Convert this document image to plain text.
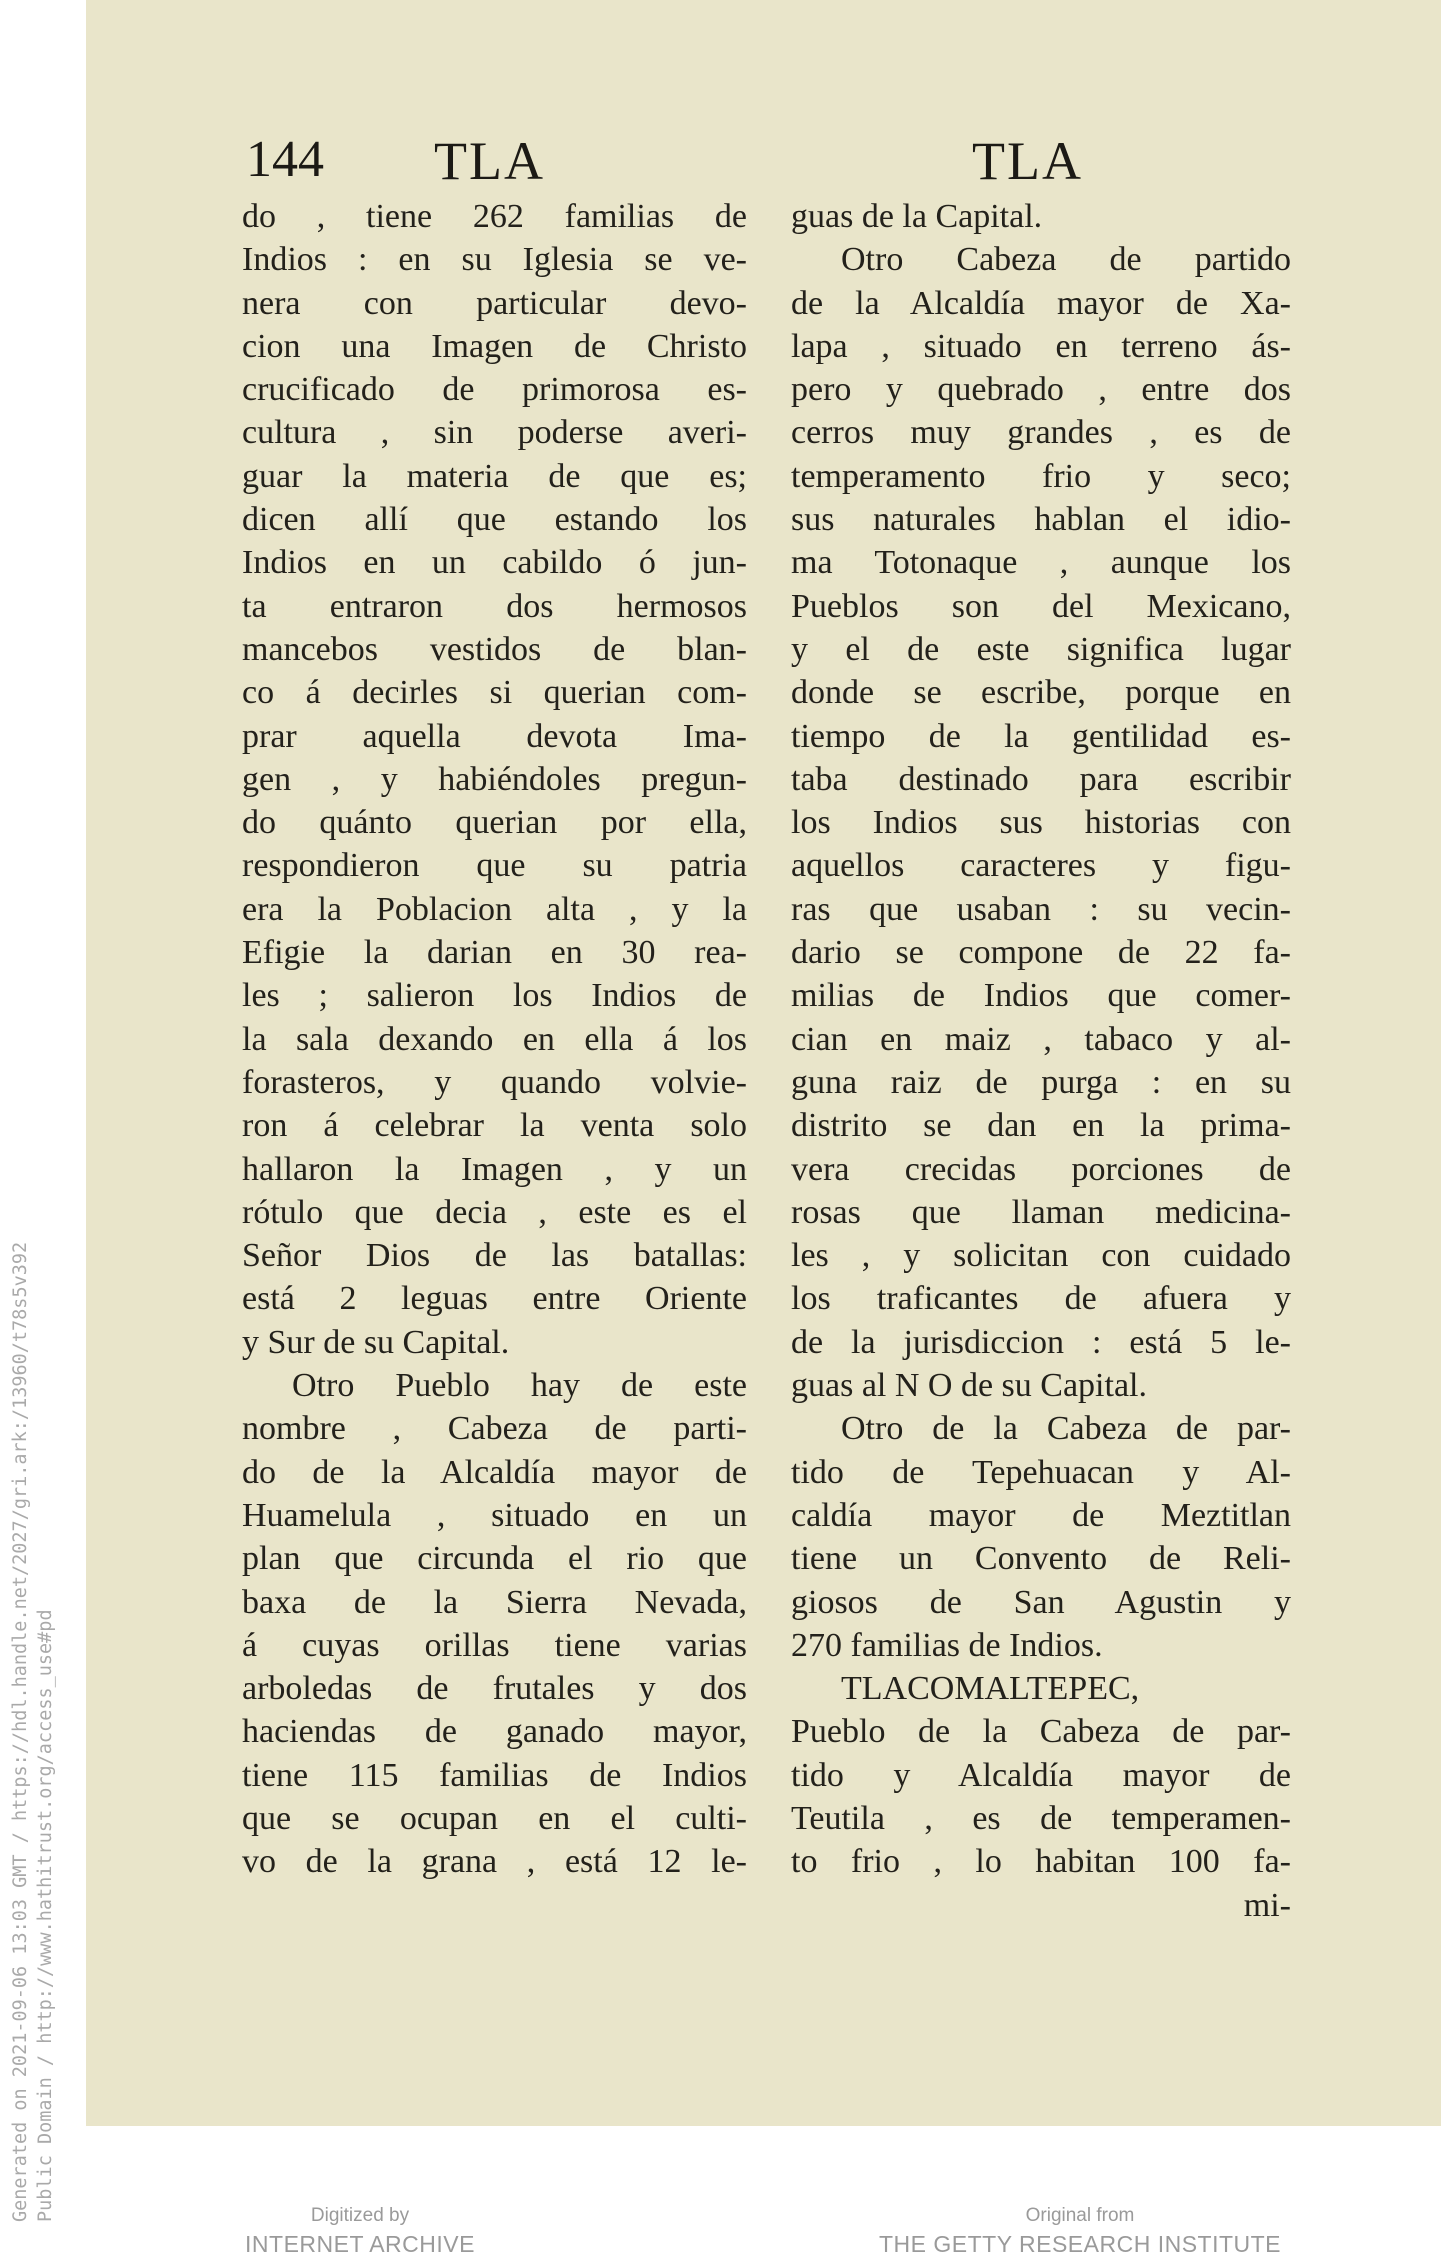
Generated on 2021-09-06 13:03 GMT / https://hdl.handle.net/2027/gri.ark:/13960/t78s5v392 Public Domain / http://www.hathitrust.org/access_use#pd
144 TLA	TLA
do , tiene 262 familias de
Indios : en su Iglesia se ve-
nera con particular devo-
cion una Imagen de Christo
crucificado de primorosa es-
cultura , sin poderse averi-
guar la materia de que es;
dicen allí que estando los
Indios en un cabildo ó jun-
ta entraron dos hermosos
mancebos vestidos de blan-
co á decirles si querian com-
prar aquella devota Ima-
gen , y habiéndoles pregun-
do quánto querian por ella,
respondieron que su patria
era la Poblacion alta , y la
Efigie la darian en 30 rea-
les ; salieron los Indios de
la sala dexando en ella á los
forasteros, y quando volvie-
ron á celebrar la venta solo
hallaron la Imagen , y un
rótulo que decia , este es el
Señor Dios de las batallas:
está 2 leguas entre Oriente
y Sur de su Capital.
Otro Pueblo hay de este
nombre , Cabeza de parti-
do de la Alcaldía mayor de
Huamelula , situado en un
plan que circunda el rio que
baxa de la Sierra Nevada,
á cuyas orillas tiene varias
arboledas de frutales y dos
haciendas de ganado mayor,
tiene 115 familias de Indios
que se ocupan en el culti-
vo de la grana , está 12 le-
guas de la Capital.
Otro Cabeza de partido
de la Alcaldía mayor de Xa-
lapa , situado en terreno ás-
pero y quebrado , entre dos
cerros muy grandes , es de
temperamento frio y seco;
sus naturales hablan el idio-
ma Totonaque , aunque los
Pueblos son del Mexicano,
y el de este significa lugar
donde se escribe, porque en
tiempo de la gentilidad es-
taba destinado para escribir
los Indios sus historias con
aquellos caracteres y figu-
ras que usaban : su vecin-
dario se compone de 22 fa-
milias de Indios que comer-
cian en maiz , tabaco y al-
guna raiz de purga : en su
distrito se dan en la prima-
vera crecidas porciones de
rosas que llaman medicina-
les , y solicitan con cuidado
los traficantes de afuera y
de la jurisdiccion : está 5 le-
guas al N O de su Capital.
Otro de la Cabeza de par-
tido de Tepehuacan y Al-
caldía mayor de Meztitlan
tiene un Convento de Reli-
giosos de San Agustin y
270 familias de Indios.
TLACOMALTEPEC,
Pueblo de la Cabeza de par-
tido y Alcaldía mayor de
Teutila , es de temperamen-
to frio , lo habitan 100 fa-
mi-
Digitized by
INTERNET ARCHIVE
Original from
THE GETTY RESEARCH INSTITUTE
